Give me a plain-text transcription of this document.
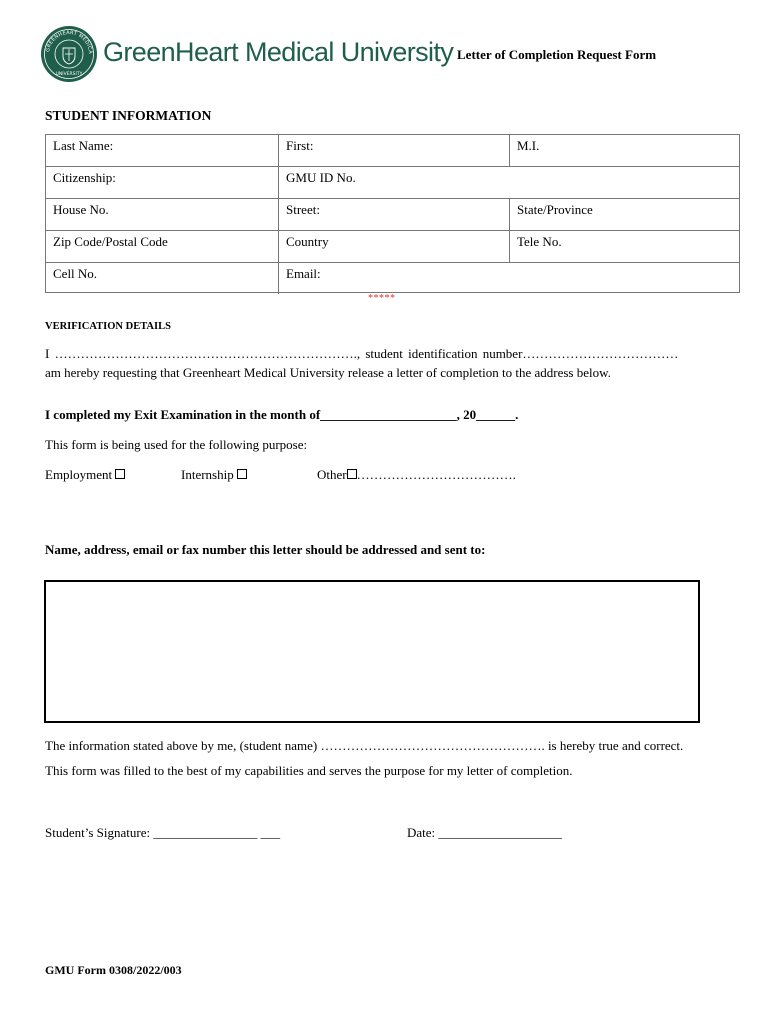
GREENHEART MEDICA
UNIVERSITY
GreenHeart Medical University Letter of Completion Request Form
STUDENT INFORMATION
Last Name:	First:	M.I.
Citizenship:	GMU ID No.
House No.	Street:	State/Province
Zip Code/Postal Code	Country	Tele No.
Cell No.	Email:
*****
VERIFICATION DETAILS
I ……………………………………………………………., student identification number………………………………
am hereby requesting that Greenheart Medical University release a letter of completion to the address below.
I completed my Exit Examination in the month of_____________________, 20______.
This form is being used for the following purpose:
Employment	Internship	Other ……………………………….
Name, address, email or fax number this letter should be addressed and sent to:
The information stated above by me, (student name) ……………………………………………. is hereby true and correct.
This form was filled to the best of my capabilities and serves the purpose for my letter of completion.
Student’s Signature: ________________ ___	Date: ___________________
GMU Form 0308/2022/003
